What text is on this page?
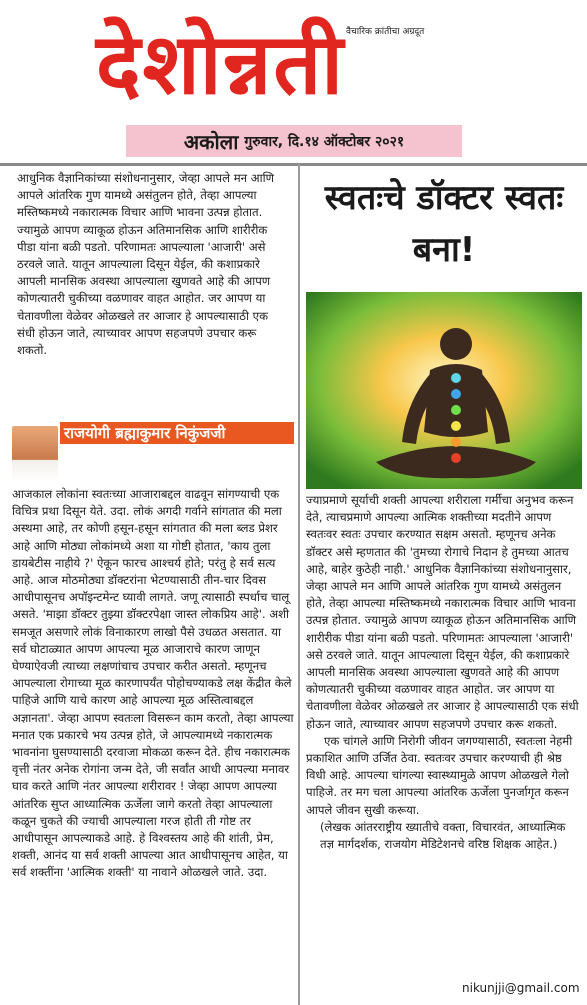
वैचारिक क्रांतीचा अग्रदूत
देशोन्नती
अकोला गुरुवार, दि.१४ ऑक्टोबर २०२१

आधुनिक वैज्ञानिकांच्या संशोधनानुसार, जेव्हा आपले मन आणि आपले आंतरिक गुण यामध्ये असंतुलन होते, तेव्हा आपल्या मस्तिष्कमध्ये नकारात्मक विचार आणि भावना उत्पन्न होतात. ज्यामुळे आपण व्याकूळ होऊन अतिमानसिक आणि शारीरीक पीडा यांना बळी पडतो. परिणामतः आपल्याला 'आजारी' असे ठरवले जाते. यातून आपल्याला दिसून येईल, की कशाप्रकारे आपली मानसिक अवस्था आपल्याला खुणवते आहे की आपण कोणत्यातरी चुकीच्या वळणावर वाहत आहोत. जर आपण या चेतावणीला वेळेवर ओळखले तर आजार हे आपल्यासाठी एक संधी होऊन जाते, त्याच्यावर आपण सहजपणे उपचार करू शकतो.

राजयोगी ब्रह्माकुमार निकुंजजी

आजकाल लोकांना स्वतःच्या आजाराबद्दल वाढवून सांगण्याची एक विचित्र प्रथा दिसून येते. उदा. लोकं अगदी गर्वाने सांगतात की मला अस्थमा आहे, तर कोणी हसून-हसून सांगतात की मला ब्लड प्रेशर आहे आणि मोठ्या लोकांमध्ये अशा या गोष्टी होतात, 'काय तुला डायबेटीस नाहीये ?' ऐकून फारच आश्चर्य होते; परंतु हे सर्व सत्य आहे. आज मोठमोठ्या डॉक्टरांना भेटण्यासाठी तीन-चार दिवस आधीपासूनच अपॉइन्टमेन्ट घ्यावी लागते. जणू त्यासाठी स्पर्धाच चालू असते. 'माझा डॉक्टर तुझ्या डॉक्टरपेक्षा जास्त लोकप्रिय आहे'. अशी समजूत असणारे लोकं विनाकारण लाखो पैसे उधळत असतात. या सर्व घोटाळ्यात आपण आपल्या मूळ आजाराचे कारण जाणून घेण्याऐवजी त्याच्या लक्षणांचाच उपचार करीत असतो. म्हणूनच आपल्याला रोगाच्या मूळ कारणापर्यंत पोहोचण्याकडे लक्ष केंद्रीत केले पाहिजे आणि याचे कारण आहे आपल्या मूळ अस्तित्वाबद्दल अज्ञानता'. जेव्हा आपण स्वतःला विसरून काम करतो, तेव्हा आपल्या मनात एक प्रकारचे भय उत्पन्न होते, जे आपल्यामध्ये नकारात्मक भावनांना घुसण्यासाठी दरवाजा मोकळा करून देते. हीच नकारात्मक वृत्ती नंतर अनेक रोगांना जन्म देते, जी सर्वांत आधी आपल्या मनावर घाव करते आणि नंतर आपल्या शरीरावर ! जेव्हा आपण आपल्या आंतरिक सुप्त आध्यात्मिक ऊर्जेला जागे करतो तेव्हा आपल्याला कळून चुकते की ज्याची आपल्याला गरज होती ती गोष्ट तर आधीपासून आपल्याकडे आहे. हे विश्वस्तय आहे की शांती, प्रेम, शक्ती, आनंद या सर्व शक्ती आपल्या आत आधीपासूनच आहेत, या सर्व शक्तींना 'आत्मिक शक्ती' या नावाने ओळखले जाते. उदा.

स्वतःचे डॉक्टर स्वतः बना!

ज्याप्रमाणे सूर्याची शक्ती आपल्या शरीराला गर्मीचा अनुभव करून देते, त्याचप्रमाणे आपल्या आत्मिक शक्तीच्या मदतीने आपण स्वतःवर स्वतः उपचार करण्यात सक्षम असतो. म्हणूनच अनेक डॉक्टर असे म्हणतात की 'तुमच्या रोगाचे निदान हे तुमच्या आतच आहे, बाहेर कुठेही नाही.' आधुनिक वैज्ञानिकांच्या संशोधनानुसार, जेव्हा आपले मन आणि आपले आंतरिक गुण यामध्ये असंतुलन होते, तेव्हा आपल्या मस्तिष्कमध्ये नकारात्मक विचार आणि भावना उत्पन्न होतात. ज्यामुळे आपण व्याकूळ होऊन अतिमानसिक आणि शारीरीक पीडा यांना बळी पडतो. परिणामतः आपल्याला 'आजारी' असे ठरवले जाते. यातून आपल्याला दिसून येईल, की कशाप्रकारे आपली मानसिक अवस्था आपल्याला खुणवते आहे की आपण कोणत्यातरी चुकीच्या वळणावर वाहत आहोत. जर आपण या चेतावणीला वेळेवर ओळखले तर आजार हे आपल्यासाठी एक संधी होऊन जाते, त्याच्यावर आपण सहजपणे उपचार करू शकतो.

एक चांगले आणि निरोगी जीवन जगण्यासाठी, स्वतःला नेहमी प्रकाशित आणि उर्जित ठेवा. स्वतःवर उपचार करण्याची ही श्रेष्ठ विधी आहे. आपल्या चांगल्या स्वास्थ्यामुळे आपण ओळखले गेलो पाहिजे. तर मग चला आपल्या आंतरिक ऊर्जेला पुनर्जागृत करून आपले जीवन सुखी करूया.

(लेखक आंतरराष्ट्रीय ख्यातीचे वक्ता, विचारवंत, आध्यात्मिक तज्ञ मार्गदर्शक, राजयोग मेडिटेशनचे वरिष्ठ शिक्षक आहेत.)

nikunjji@gmail.com
